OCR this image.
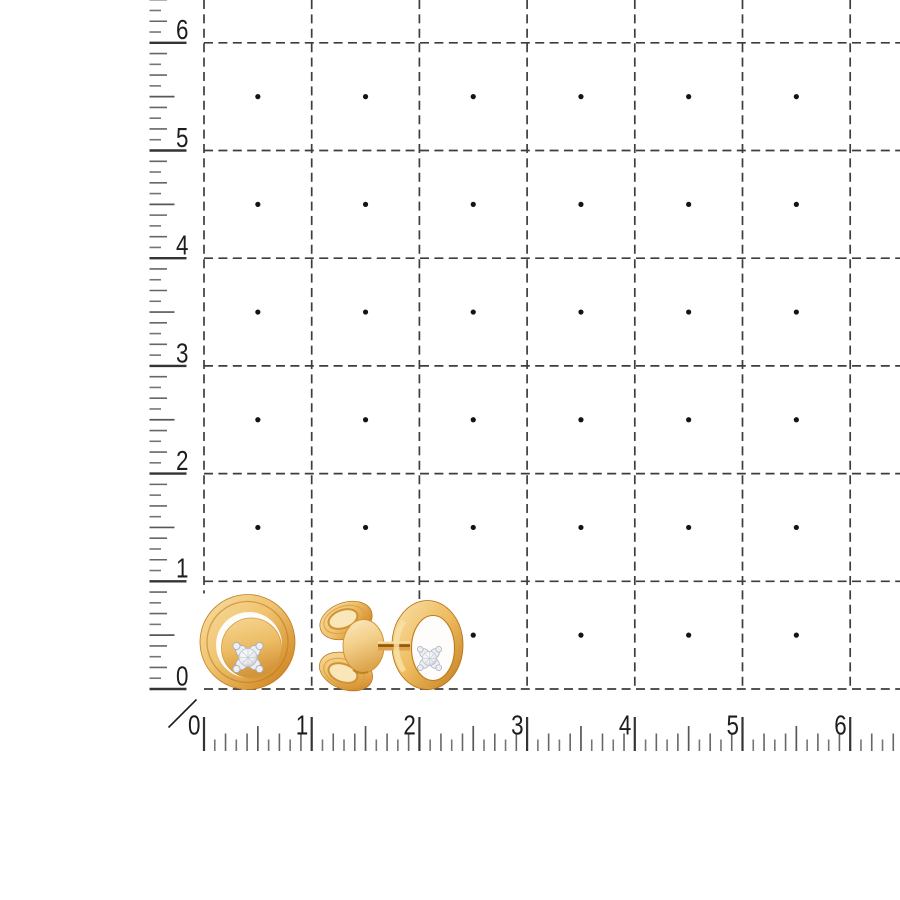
6
5
4
3
2
1
0
0	1	2	3	4	5	6
